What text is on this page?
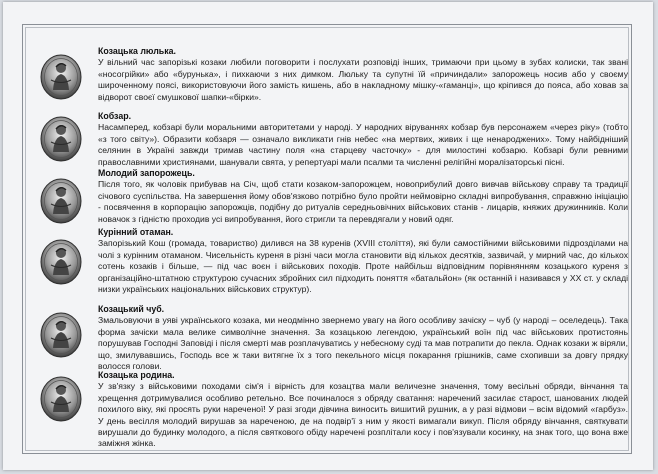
Козацька люлька.
У вільний час запорізькі козаки любили поговорити і послухати розповіді інших, тримаючи при цьому в зубах колиски, так звані «носогрійки» або «бурунька», і пихкаючи з них димком. Люльку та супутні їй «причиндали» запорожець носив або у своєму широченному поясі, використовуючи його замість кишень, або в накладному мішку-«гаманці», що кріпився до пояса, або ховав за відворот своєї смушкової шапки-«бірки».
Кобзар.
Насамперед, кобзарі були моральними авторитетами у народі. У народних віруваннях кобзар був персонажем «через ріку» (тобто «з того світу»). Образити кобзаря — означало викликати гнів небес «на мертвих, живих і ще ненароджених». Тому найбідніший селянин в Україні завжди тримав частину поля «на старцеву часточку» - для милостині кобзарю. Кобзарі були ревними православними християнами, шанували свята, у репертуарі мали псалми та численні релігійні моралізаторські пісні.
Молодий запорожець.
Після того, як чоловік прибував на Січ, щоб стати козаком-запорожцем, новоприбулий довго вивчав військову справу та традиції січового суспільства. На завершення йому обов'язково потрібно було пройти неймовірно складні випробування, справжню ініціацію - посвячення в корпорацію запорожців, подібну до ритуалів середньовічних військових станів - лицарів, княжих дружинників. Коли новачок з гідністю проходив усі випробування, його стригли та перевдягали у новий одяг.
Курінний отаман.
Запорізький Кош (громада, товариство) дилився на 38 куренів (XVIII століття), які були самостійними військовими підрозділами на чолі з курінним отаманом. Чисельність куреня в різні часи могла становити від кількох десятків, зазвичай, у мирний час, до кількох сотень козаків і більше, — під час воєн і військових походів. Проте найбільш відповідним порівнянням козацького куреня з організаційно-штатною структурою сучасних збройних сил підходить поняття «батальйон» (як останній і називався у XX ст. у складі низки українських національних військових структур).
Козацький чуб.
Змальовуючи в уяві українського козака, ми неодмінно звернемо увагу на його особливу зачіску – чуб (у народі – оселедець). Така форма зачіски мала велике символічне значення. За козацькою легендою, український воїн під час військових протистоянь порушував Господні Заповіді і після смерті мав розплачуватись у небесному суді та мав потрапити до пекла. Однак козаки ж віряли, що, змилувавшись, Господь все ж таки витягне їх з того пекельного місця покарання грішників, саме схопивши за довгу прядку волосся голови.
Козацька родина.
У зв'язку з військовими походами сім'я і вірність для козацтва мали величезне значення, тому весільні обряди, вінчання та хрещення дотримувалися особливо ретельно. Все починалося з обряду сватання: наречений засилає старост, шанованих людей похилого віку, які просять руки нареченої! У разі згоди дівчина виносить вишитий рушник, а у разі відмови – всім відомий «гарбуз». У день весілля молодий вирушав за нареченою, де на подвір'ї з ним у якості вимагали викуп. Після обряду вінчання, святкувати вирушали до будинку молодого, а після святкового обіду наречені розплітали косу і пов'язували косинку, на знак того, що вона вже заміжня жінка.
